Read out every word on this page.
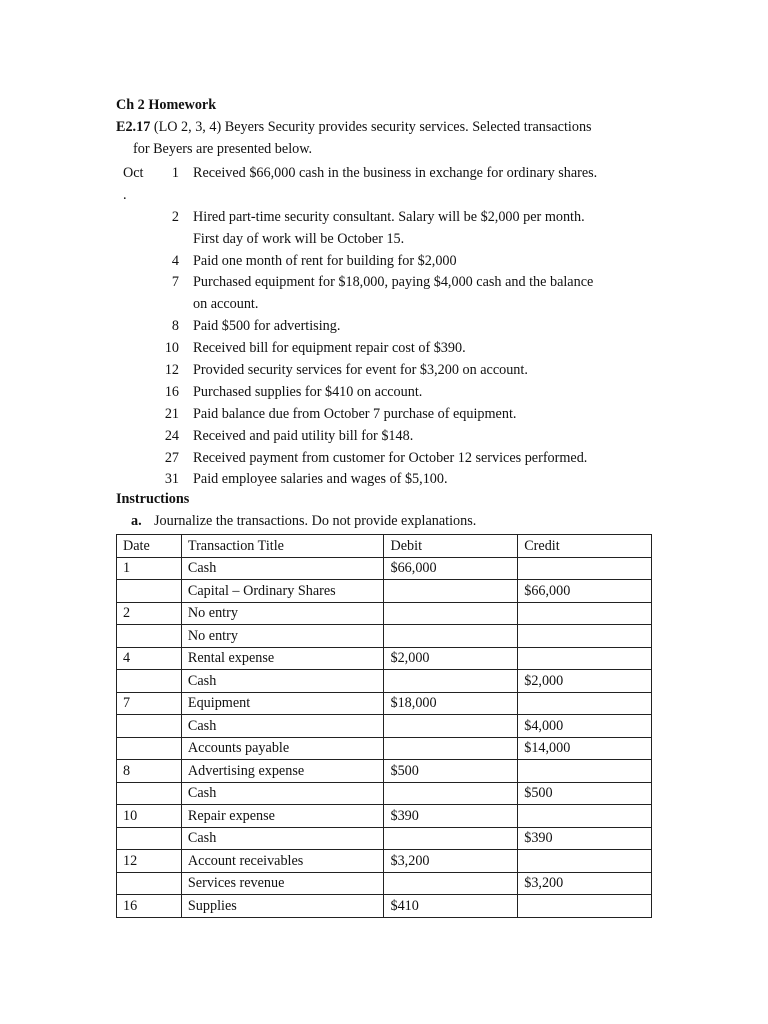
Ch 2 Homework
E2.17 (LO 2, 3, 4) Beyers Security provides security services. Selected transactions
for Beyers are presented below.
Oct 1 Received $66,000 cash in the business in exchange for ordinary shares.
.
2 Hired part-time security consultant. Salary will be $2,000 per month.
First day of work will be October 15.
4 Paid one month of rent for building for $2,000
7 Purchased equipment for $18,000, paying $4,000 cash and the balance
on account.
8 Paid $500 for advertising.
10 Received bill for equipment repair cost of $390.
12 Provided security services for event for $3,200 on account.
16 Purchased supplies for $410 on account.
21 Paid balance due from October 7 purchase of equipment.
24 Received and paid utility bill for $148.
27 Received payment from customer for October 12 services performed.
31 Paid employee salaries and wages of $5,100.
Instructions
a. Journalize the transactions. Do not provide explanations.
Date	Transaction Title	Debit	Credit
1	Cash	$66,000	
	Capital – Ordinary Shares		$66,000
2	No entry		
	No entry		
4	Rental expense	$2,000	
	Cash		$2,000
7	Equipment	$18,000	
	Cash		$4,000
	Accounts payable		$14,000
8	Advertising expense	$500	
	Cash		$500
10	Repair expense	$390	
	Cash		$390
12	Account receivables	$3,200	
	Services revenue		$3,200
16	Supplies	$410	
